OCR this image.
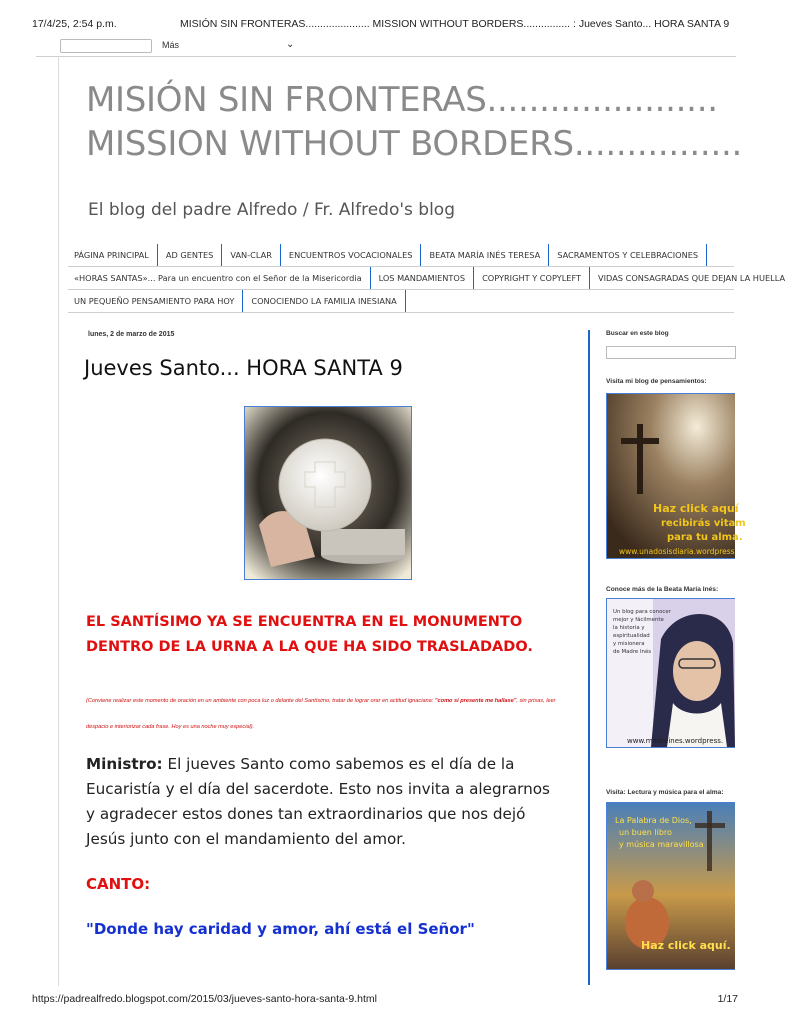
17/4/25, 2:54 p.m.	MISIÓN SIN FRONTERAS...................... MISSION WITHOUT BORDERS................ : Jueves Santo... HORA SANTA 9
Más	⌄
MISIÓN SIN FRONTERAS......................
MISSION WITHOUT BORDERS................
El blog del padre Alfredo / Fr. Alfredo's blog
PÁGINA PRINCIPAL AD GENTES VAN-CLAR ENCUENTROS VOCACIONALES BEATA MARÍA INÉS TERESA SACRAMENTOS Y CELEBRACIONES
«HORAS SANTAS»... Para un encuentro con el Señor de la Misericordia LOS MANDAMIENTOS COPYRIGHT Y COPYLEFT VIDAS CONSAGRADAS QUE DEJAN LA HUELLA
UN PEQUEÑO PENSAMIENTO PARA HOY CONOCIENDO LA FAMILIA INESIANA
lunes, 2 de marzo de 2015
Jueves Santo... HORA SANTA 9
EL SANTÍSIMO YA SE ENCUENTRA EN EL MONUMENTO DENTRO DE LA URNA A LA QUE HA SIDO TRASLADADO.
(Conviene realizar este momento de oración en un ambiente con poca luz o delante del Santísimo, tratar de lograr orar en actitud ignaciana: "como si presente me hallase", sin prisas, leer despacio e interiorizar cada frase. Hoy es una noche muy especial).
Ministro: El jueves Santo como sabemos es el día de la Eucaristía y el día del sacerdote. Esto nos invita a alegrarnos y agradecer estos dones tan extraordinarios que nos dejó Jesús junto con el mandamiento del amor.
CANTO:
"Donde hay caridad y amor, ahí está el Señor"
Buscar en este blog
Visita mi blog de pensamientos:
Haz click aquí
recibirás vitam
para tu alma.
www.unadosisdiaria.wordpress
Conoce más de la Beata María Inés:
Un blog para conocer
mejor y fácilmente
la historia y
espiritualidad
y misionera
de Madre Inés
www.madreines.wordpress.
Visita: Lectura y música para el alma:
La Palabra de Dios,
un buen libro
y música maravillosa
Haz click aquí.
https://padrealfredo.blogspot.com/2015/03/jueves-santo-hora-santa-9.html	1/17
